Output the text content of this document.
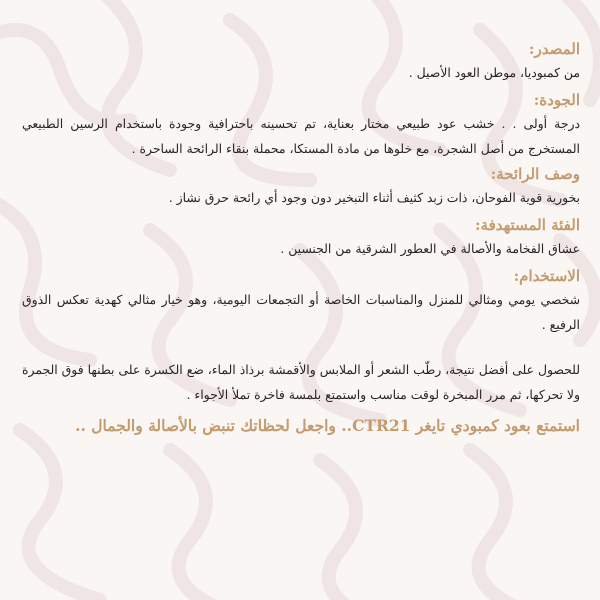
المصدر:

من كمبوديا، موطن العود الأصيل .

الجودة:

درجة أولى . . خشب عود طبيعي مختار بعناية، تم تحسينه باحترافية وجودة باستخدام الرسين الطبيعي المستخرج من أصل الشجرة، مع خلوها من مادة المستكا، محملة بنقاء الرائحة الساحرة .

وصف الرائحة:

بخورية قوية الفوحان، ذات زبد كثيف أثناء التبخير دون وجود أي رائحة حرق نشاز .

الفئة المستهدفة:

عشاق الفخامة والأصالة في العطور الشرقية من الجنسين .

الاستخدام:

شخصي يومي ومثالي للمنزل والمناسبات الخاصة أو التجمعات اليومية، وهو خيار مثالي كهدية تعكس الذوق الرفيع .

للحصول على أفضل نتيجة، رطّب الشعر أو الملابس والأقمشة برذاذ الماء، ضع الكسرة على بطنها فوق الجمرة ولا تحركها، ثم مرر المبخرة لوقت مناسب واستمتع بلمسة فاخرة تملأ الأجواء .

استمتع بعود كمبودي تايغر CTR21.. واجعل لحظاتك تنبض بالأصالة والجمال ..
